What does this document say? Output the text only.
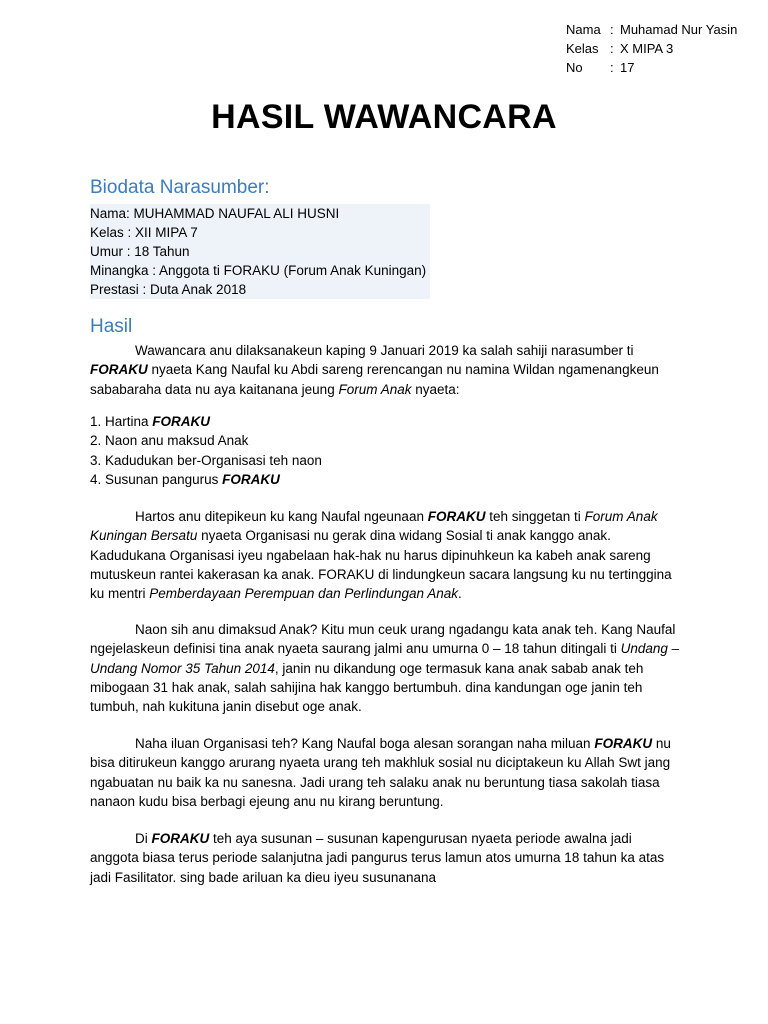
Nama : Muhamad Nur Yasin
Kelas : X MIPA 3
No	: 17
HASIL WAWANCARA
Biodata Narasumber:
Nama: MUHAMMAD NAUFAL ALI HUSNI
Kelas : XII MIPA 7
Umur : 18 Tahun
Minangka : Anggota ti FORAKU (Forum Anak Kuningan)
Prestasi : Duta Anak 2018
Hasil

Wawancara anu dilaksanakeun kaping 9 Januari 2019 ka salah sahiji narasumber ti FORAKU nyaeta Kang Naufal ku Abdi sareng rerencangan nu namina Wildan ngamenangkeun sababaraha data nu aya kaitanana jeung Forum Anak nyaeta:

1. Hartina FORAKU
2. Naon anu maksud Anak
3. Kadudukan ber-Organisasi teh naon
4. Susunan pangurus FORAKU

Hartos anu ditepikeun ku kang Naufal ngeunaan FORAKU teh singgetan ti Forum Anak Kuningan Bersatu nyaeta Organisasi nu gerak dina widang Sosial ti anak kanggo anak. Kadudukana Organisasi iyeu ngabelaan hak-hak nu harus dipinuhkeun ka kabeh anak sareng mutuskeun rantei kakerasan ka anak. FORAKU di lindungkeun sacara langsung ku nu tertinggina ku mentri Pemberdayaan Perempuan dan Perlindungan Anak.

Naon sih anu dimaksud Anak? Kitu mun ceuk urang ngadangu kata anak teh. Kang Naufal ngejelaskeun definisi tina anak nyaeta saurang jalmi anu umurna 0 – 18 tahun ditingali ti Undang – Undang Nomor 35 Tahun 2014, janin nu dikandung oge termasuk kana anak sabab anak teh mibogaan 31 hak anak, salah sahijina hak kanggo bertumbuh. dina kandungan oge janin teh tumbuh, nah kukituna janin disebut oge anak.

Naha iluan Organisasi teh? Kang Naufal boga alesan sorangan naha miluan FORAKU nu bisa ditirukeun kanggo arurang nyaeta urang teh makhluk sosial nu diciptakeun ku Allah Swt jang ngabuatan nu baik ka nu sanesna. Jadi urang teh salaku anak nu beruntung tiasa sakolah tiasa nanaon kudu bisa berbagi ejeung anu nu kirang beruntung.

Di FORAKU teh aya susunan – susunan kapengurusan nyaeta periode awalna jadi anggota biasa terus periode salanjutna jadi pangurus terus lamun atos umurna 18 tahun ka atas jadi Fasilitator. sing bade ariluan ka dieu iyeu susunanana
